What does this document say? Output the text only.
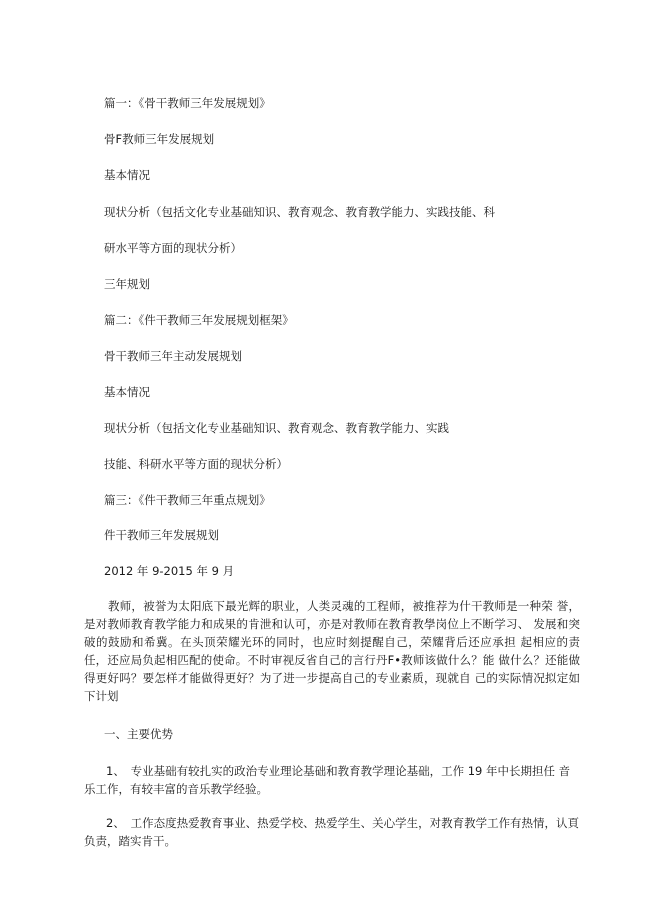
篇一：《骨干教师三年发展规划》
骨F教师三年发展规划
基本情况
现状分析（包括文化专业基础知识、教育观念、教育教学能力、实践技能、科
研水平等方面的现状分析）
三年规划
篇二：《件干教师三年发展规划框架》
骨干教师三年主动发展规划
基本情况
现状分析（包括文化专业基础知识、教育观念、教育教学能力、实践
技能、科研水平等方面的现状分析）
篇三：《件干教师三年重点规划》
件干教师三年发展规划
2012 年 9-2015 年 9 月
教师，被誉为太阳底下最光辉的职业，人类灵魂的工程师，被推荐为什干教师是一种荣 誉，是对教师教育教学能力和成果的肯泄和认可，亦是对教师在教育教學岗位上不断学习、 发展和突破的鼓励和希冀。在头顶荣耀光环的同时，也应时刻提醒自己，荣耀背后还应承担 起相应的责任，还应局负起相匹配的使命。不时审视反省自己的言行丹F•教师该做什么？能 做什么？还能做得更好吗？要怎样才能做得更好？为了进一步提高自己的专业素质，现就自 己的实际情况拟定如下计划
一、主要优势
1、　专业基础有较扎实的政治专业理论基础和教育教学理论基础，工作 19 年中长期担任 音乐工作，有较丰富的音乐教学经验。
2、　工作态度热爱教育事业、热爱学校、热爱学生、关心学生，对教育教学工作有热情，认頁负责，踏实肯干。
